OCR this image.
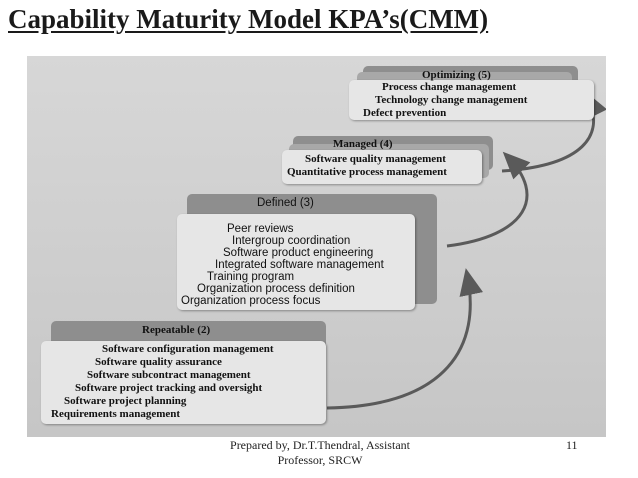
Capability Maturity Model KPA’s(CMM)
Optimizing (5)
Process change management
Technology change management
Defect prevention
Managed (4)
Software quality management
Quantitative process management
Defined (3)
Peer reviews
Intergroup coordination
Software product engineering
Integrated software management
Training program
Organization process definition
Organization process focus
Repeatable (2)
Software configuration management
Software quality assurance
Software subcontract management
Software project tracking and oversight
Software project planning
Requirements management
Prepared by, Dr.T.Thendral, Assistant
Professor, SRCW
11
